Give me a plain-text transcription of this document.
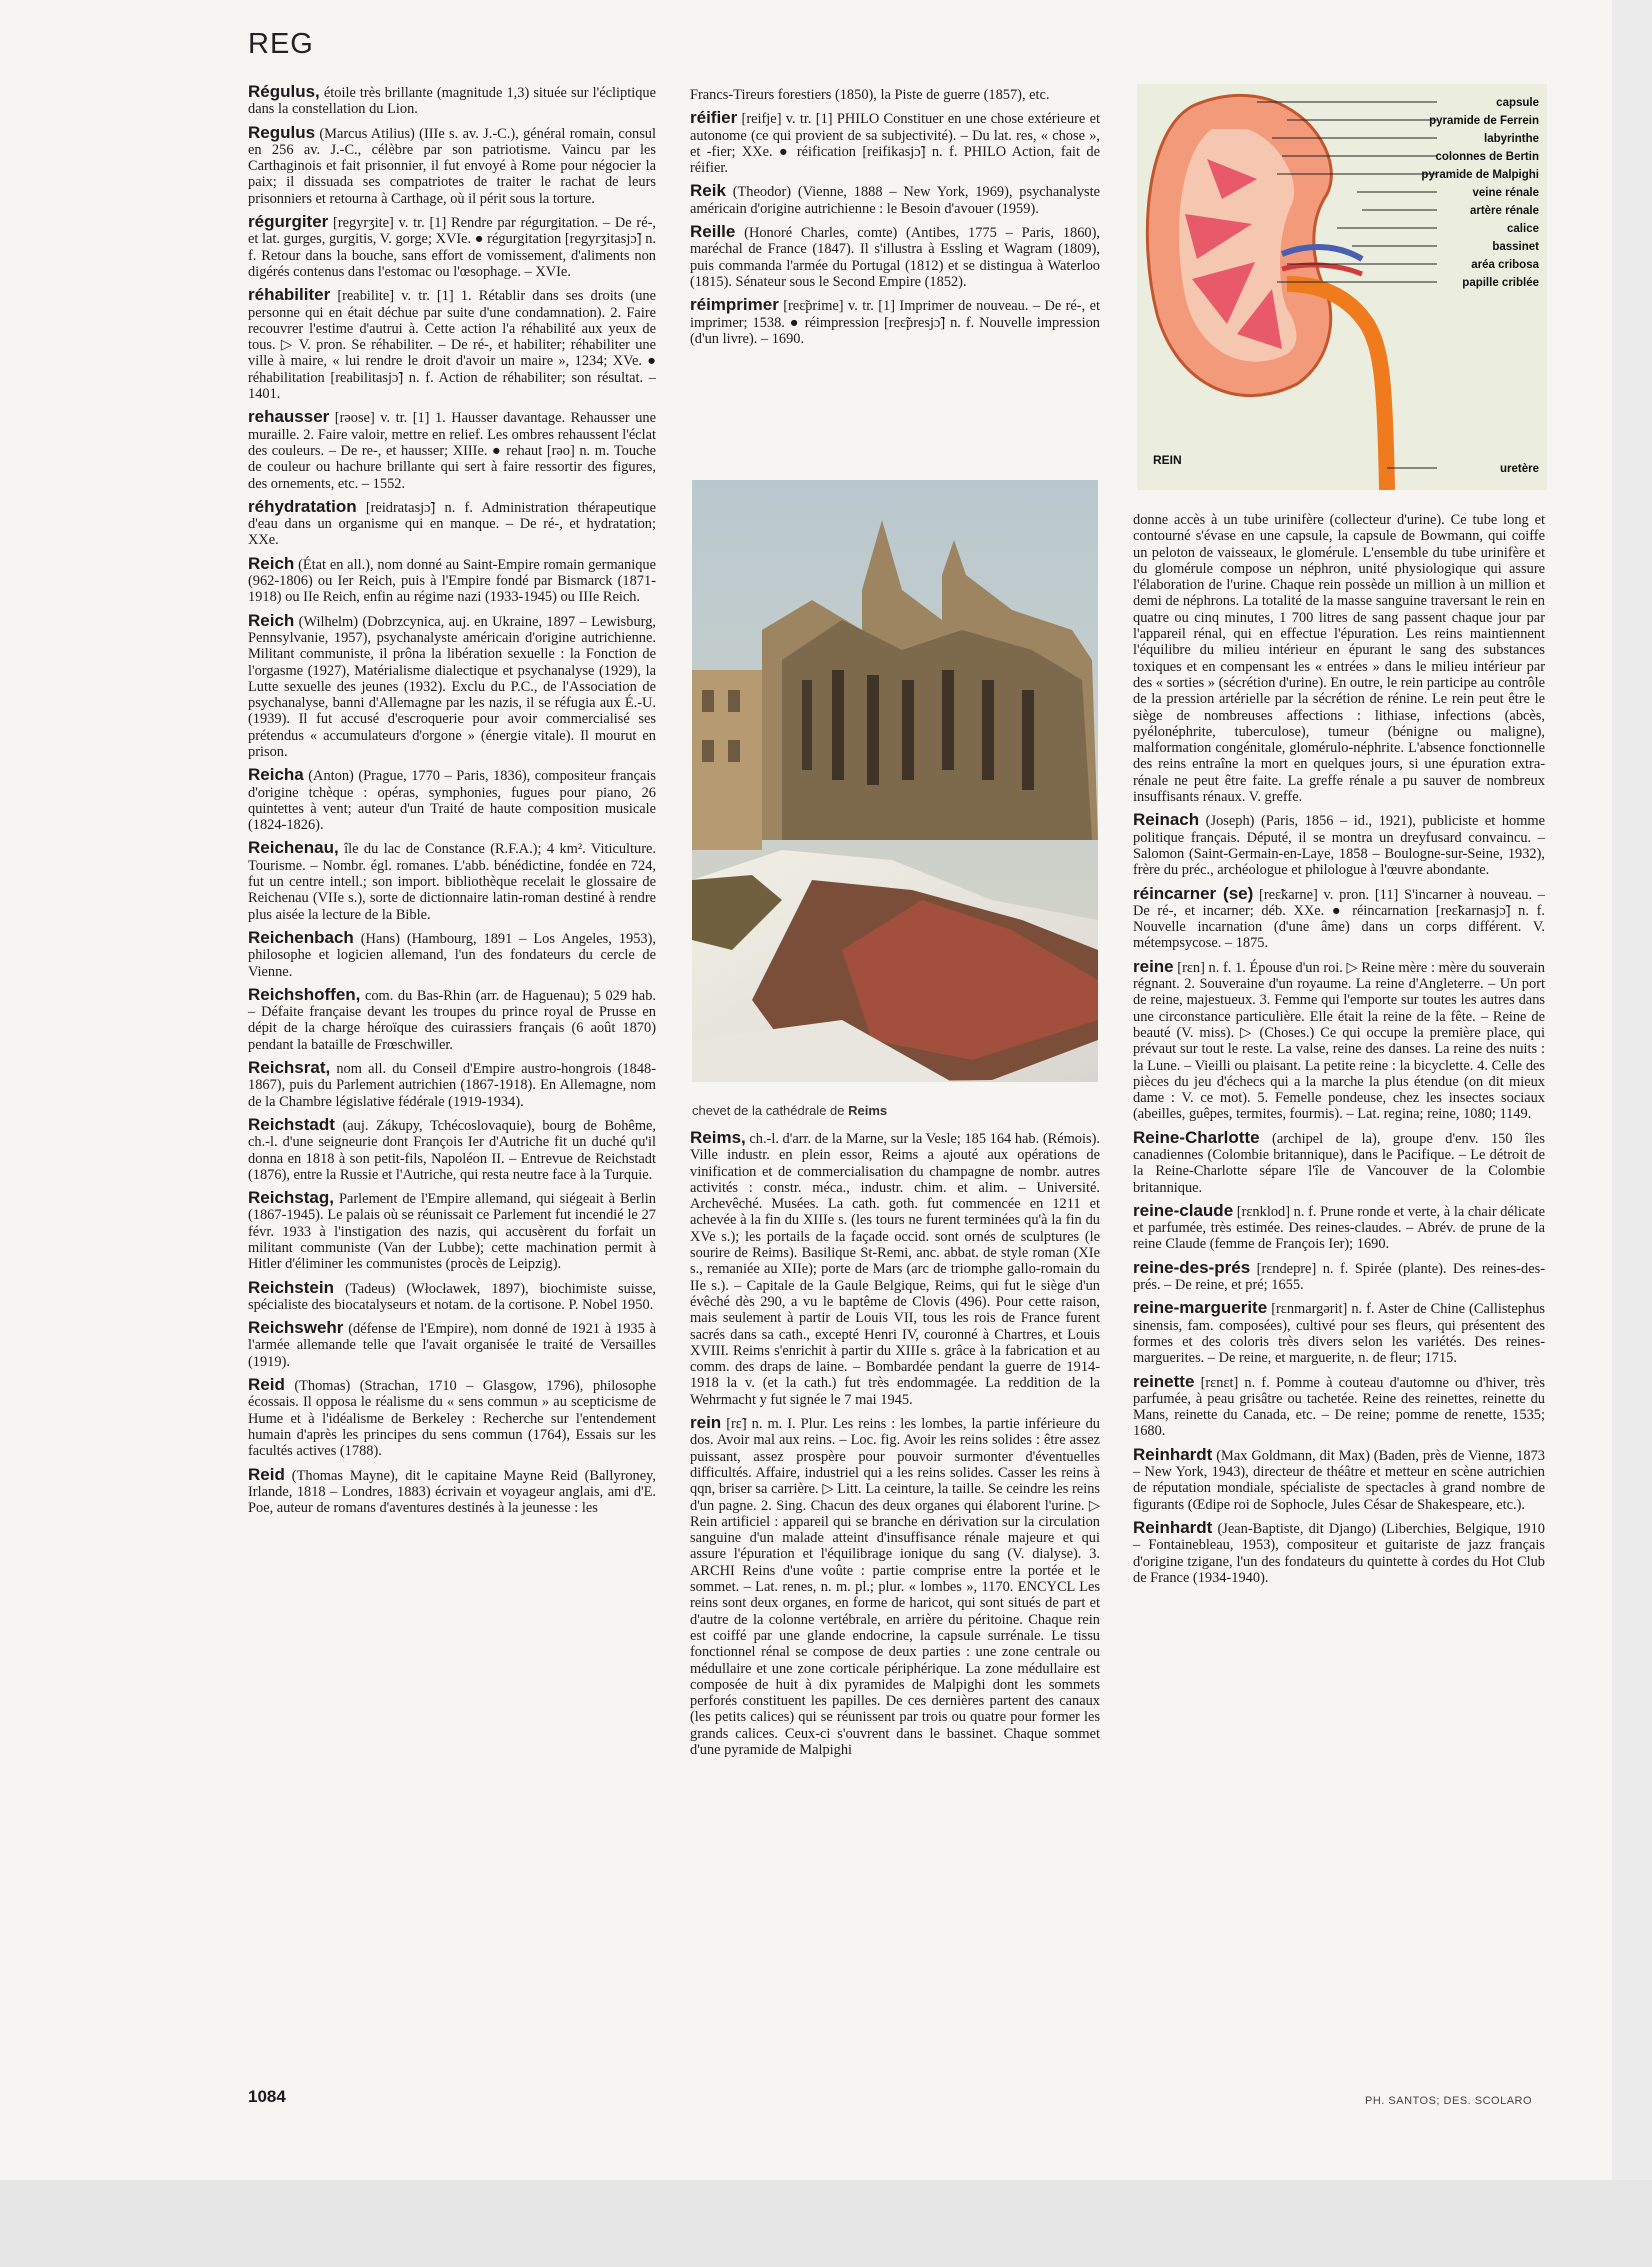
REG
Régulus, étoile très brillante (magnitude 1,3) située sur l'écliptique dans la constellation du Lion.
Regulus (Marcus Atilius) (IIIe s. av. J.-C.), général romain, consul en 256 av. J.-C., célèbre par son patriotisme. Vaincu par les Carthaginois et fait prisonnier, il fut envoyé à Rome pour négocier la paix; il dissuada ses compatriotes de traiter le rachat de leurs prisonniers et retourna à Carthage, où il périt sous la torture.
régurgiter [regyrʒite] v. tr. [1] Rendre par régurgitation. – De ré-, et lat. gurges, gurgitis, V. gorge; XVIe. ● régurgitation [regyrʒitasjɔ̃] n. f. Retour dans la bouche, sans effort de vomissement, d'aliments non digérés contenus dans l'estomac ou l'œsophage. – XVIe.
réhabiliter [reabilite] v. tr. [1] 1. Rétablir dans ses droits (une personne qui en était déchue par suite d'une condamnation). 2. Faire recouvrer l'estime d'autrui à. Cette action l'a réhabilité aux yeux de tous. ▷ V. pron. Se réhabiliter. – De ré-, et habiliter; réhabiliter une ville à maire, « lui rendre le droit d'avoir un maire », 1234; XVe. ● réhabilitation [reabilitasjɔ̃] n. f. Action de réhabiliter; son résultat. – 1401.
rehausser [rəose] v. tr. [1] 1. Hausser davantage. Rehausser une muraille. 2. Faire valoir, mettre en relief. Les ombres rehaussent l'éclat des couleurs. – De re-, et hausser; XIIIe. ● rehaut [rəo] n. m. Touche de couleur ou hachure brillante qui sert à faire ressortir des figures, des ornements, etc. – 1552.
réhydratation [reidratasjɔ̃] n. f. Administration thérapeutique d'eau dans un organisme qui en manque. – De ré-, et hydratation; XXe.
Reich (État en all.), nom donné au Saint-Empire romain germanique (962-1806) ou Ier Reich, puis à l'Empire fondé par Bismarck (1871-1918) ou IIe Reich, enfin au régime nazi (1933-1945) ou IIIe Reich.
Reich (Wilhelm) (Dobrzcynica, auj. en Ukraine, 1897 – Lewisburg, Pennsylvanie, 1957), psychanalyste américain d'origine autrichienne. Militant communiste, il prôna la libération sexuelle : la Fonction de l'orgasme (1927), Matérialisme dialectique et psychanalyse (1929), la Lutte sexuelle des jeunes (1932). Exclu du P.C., de l'Association de psychanalyse, banni d'Allemagne par les nazis, il se réfugia aux É.-U. (1939). Il fut accusé d'escroquerie pour avoir commercialisé ses prétendus « accumulateurs d'orgone » (énergie vitale). Il mourut en prison.
Reicha (Anton) (Prague, 1770 – Paris, 1836), compositeur français d'origine tchèque : opéras, symphonies, fugues pour piano, 26 quintettes à vent; auteur d'un Traité de haute composition musicale (1824-1826).
Reichenau, île du lac de Constance (R.F.A.); 4 km². Viticulture. Tourisme. – Nombr. égl. romanes. L'abb. bénédictine, fondée en 724, fut un centre intell.; son import. bibliothèque recelait le glossaire de Reichenau (VIIe s.), sorte de dictionnaire latin-roman destiné à rendre plus aisée la lecture de la Bible.
Reichenbach (Hans) (Hambourg, 1891 – Los Angeles, 1953), philosophe et logicien allemand, l'un des fondateurs du cercle de Vienne.
Reichshoffen, com. du Bas-Rhin (arr. de Haguenau); 5 029 hab. – Défaite française devant les troupes du prince royal de Prusse en dépit de la charge héroïque des cuirassiers français (6 août 1870) pendant la bataille de Frœschwiller.
Reichsrat, nom all. du Conseil d'Empire austro-hongrois (1848-1867), puis du Parlement autrichien (1867-1918). En Allemagne, nom de la Chambre législative fédérale (1919-1934).
Reichstadt (auj. Zákupy, Tchécoslovaquie), bourg de Bohême, ch.-l. d'une seigneurie dont François Ier d'Autriche fit un duché qu'il donna en 1818 à son petit-fils, Napoléon II. – Entrevue de Reichstadt (1876), entre la Russie et l'Autriche, qui resta neutre face à la Turquie.
Reichstag, Parlement de l'Empire allemand, qui siégeait à Berlin (1867-1945). Le palais où se réunissait ce Parlement fut incendié le 27 févr. 1933 à l'instigation des nazis, qui accusèrent du forfait un militant communiste (Van der Lubbe); cette machination permit à Hitler d'éliminer les communistes (procès de Leipzig).
Reichstein (Tadeus) (Włocławek, 1897), biochimiste suisse, spécialiste des biocatalyseurs et notam. de la cortisone. P. Nobel 1950.
Reichswehr (défense de l'Empire), nom donné de 1921 à 1935 à l'armée allemande telle que l'avait organisée le traité de Versailles (1919).
Reid (Thomas) (Strachan, 1710 – Glasgow, 1796), philosophe écossais. Il opposa le réalisme du « sens commun » au scepticisme de Hume et à l'idéalisme de Berkeley : Recherche sur l'entendement humain d'après les principes du sens commun (1764), Essais sur les facultés actives (1788).
Reid (Thomas Mayne), dit le capitaine Mayne Reid (Ballyroney, Irlande, 1818 – Londres, 1883) écrivain et voyageur anglais, ami d'E. Poe, auteur de romans d'aventures destinés à la jeunesse : les
Francs-Tireurs forestiers (1850), la Piste de guerre (1857), etc.
réifier [reifje] v. tr. [1] PHILO Constituer en une chose extérieure et autonome (ce qui provient de sa subjectivité). – Du lat. res, « chose », et -fier; XXe. ● réification [reifikasjɔ̃] n. f. PHILO Action, fait de réifier.
Reik (Theodor) (Vienne, 1888 – New York, 1969), psychanalyste américain d'origine autrichienne : le Besoin d'avouer (1959).
Reille (Honoré Charles, comte) (Antibes, 1775 – Paris, 1860), maréchal de France (1847). Il s'illustra à Essling et Wagram (1809), puis commanda l'armée du Portugal (1812) et se distingua à Waterloo (1815). Sénateur sous le Second Empire (1852).
réimprimer [reɛ̃prime] v. tr. [1] Imprimer de nouveau. – De ré-, et imprimer; 1538. ● réimpression [reɛ̃presjɔ̃] n. f. Nouvelle impression (d'un livre). – 1690.
chevet de la cathédrale de Reims
capsule
pyramide de Ferrein
labyrinthe
colonnes de Bertin
pyramide de Malpighi
veine rénale
artère rénale
calice
bassinet
aréa cribosa
papille criblée
uretère
REIN
donne accès à un tube urinifère (collecteur d'urine). Ce tube long et contourné s'évase en une capsule, la capsule de Bowmann, qui coiffe un peloton de vaisseaux, le glomérule. L'ensemble du tube urinifère et du glomérule compose un néphron, unité physiologique qui assure l'élaboration de l'urine. Chaque rein possède un million à un million et demi de néphrons. La totalité de la masse sanguine traversant le rein en quatre ou cinq minutes, 1 700 litres de sang passent chaque jour par l'appareil rénal, qui en effectue l'épuration. Les reins maintiennent l'équilibre du milieu intérieur en épurant le sang des substances toxiques et en compensant les « entrées » dans le milieu intérieur par des « sorties » (sécrétion d'urine). En outre, le rein participe au contrôle de la pression artérielle par la sécrétion de rénine. Le rein peut être le siège de nombreuses affections : lithiase, infections (abcès, pyélonéphrite, tuberculose), tumeur (bénigne ou maligne), malformation congénitale, glomérulo-néphrite. L'absence fonctionnelle des reins entraîne la mort en quelques jours, si une épuration extra-rénale ne peut être faite. La greffe rénale a pu sauver de nombreux insuffisants rénaux. V. greffe.
Reinach (Joseph) (Paris, 1856 – id., 1921), publiciste et homme politique français. Député, il se montra un dreyfusard convaincu. – Salomon (Saint-Germain-en-Laye, 1858 – Boulogne-sur-Seine, 1932), frère du préc., archéologue et philologue à l'œuvre abondante.
réincarner (se) [reɛ̃karne] v. pron. [11] S'incarner à nouveau. – De ré-, et incarner; déb. XXe. ● réincarnation [reɛ̃karnasjɔ̃] n. f. Nouvelle incarnation (d'une âme) dans un corps différent. V. métempsycose. – 1875.
reine [rɛn] n. f. 1. Épouse d'un roi. ▷ Reine mère : mère du souverain régnant. 2. Souveraine d'un royaume. La reine d'Angleterre. – Un port de reine, majestueux. 3. Femme qui l'emporte sur toutes les autres dans une circonstance particulière. Elle était la reine de la fête. – Reine de beauté (V. miss). ▷ (Choses.) Ce qui occupe la première place, qui prévaut sur tout le reste. La valse, reine des danses. La reine des nuits : la Lune. – Vieilli ou plaisant. La petite reine : la bicyclette. 4. Celle des pièces du jeu d'échecs qui a la marche la plus étendue (on dit mieux dame : V. ce mot). 5. Femelle pondeuse, chez les insectes sociaux (abeilles, guêpes, termites, fourmis). – Lat. regina; reine, 1080; 1149.
Reine-Charlotte (archipel de la), groupe d'env. 150 îles canadiennes (Colombie britannique), dans le Pacifique. – Le détroit de la Reine-Charlotte sépare l'île de Vancouver de la Colombie britannique.
reine-claude [rɛnklod] n. f. Prune ronde et verte, à la chair délicate et parfumée, très estimée. Des reines-claudes. – Abrév. de prune de la reine Claude (femme de François Ier); 1690.
reine-des-prés [rɛndepre] n. f. Spirée (plante). Des reines-des-prés. – De reine, et pré; 1655.
reine-marguerite [rɛnmargərit] n. f. Aster de Chine (Callistephus sinensis, fam. composées), cultivé pour ses fleurs, qui présentent des formes et des coloris très divers selon les variétés. Des reines-marguerites. – De reine, et marguerite, n. de fleur; 1715.
reinette [rɛnɛt] n. f. Pomme à couteau d'automne ou d'hiver, très parfumée, à peau grisâtre ou tachetée. Reine des reinettes, reinette du Mans, reinette du Canada, etc. – De reine; pomme de renette, 1535; 1680.
Reinhardt (Max Goldmann, dit Max) (Baden, près de Vienne, 1873 – New York, 1943), directeur de théâtre et metteur en scène autrichien de réputation mondiale, spécialiste de spectacles à grand nombre de figurants (Œdipe roi de Sophocle, Jules César de Shakespeare, etc.).
Reinhardt (Jean-Baptiste, dit Django) (Liberchies, Belgique, 1910 – Fontainebleau, 1953), compositeur et guitariste de jazz français d'origine tzigane, l'un des fondateurs du quintette à cordes du Hot Club de France (1934-1940).
Reims, ch.-l. d'arr. de la Marne, sur la Vesle; 185 164 hab. (Rémois). Ville industr. en plein essor, Reims a ajouté aux opérations de vinification et de commercialisation du champagne de nombr. autres activités : constr. méca., industr. chim. et alim. – Université. Archevêché. Musées. La cath. goth. fut commencée en 1211 et achevée à la fin du XIIIe s. (les tours ne furent terminées qu'à la fin du XVe s.); les portails de la façade occid. sont ornés de sculptures (le sourire de Reims). Basilique St-Remi, anc. abbat. de style roman (XIe s., remaniée au XIIe); porte de Mars (arc de triomphe gallo-romain du IIe s.). – Capitale de la Gaule Belgique, Reims, qui fut le siège d'un évêché dès 290, a vu le baptême de Clovis (496). Pour cette raison, mais seulement à partir de Louis VII, tous les rois de France furent sacrés dans sa cath., excepté Henri IV, couronné à Chartres, et Louis XVIII. Reims s'enrichit à partir du XIIIe s. grâce à la fabrication et au comm. des draps de laine. – Bombardée pendant la guerre de 1914-1918 la v. (et la cath.) fut très endommagée. La reddition de la Wehrmacht y fut signée le 7 mai 1945.
rein [rɛ̃] n. m. I. Plur. Les reins : les lombes, la partie inférieure du dos. Avoir mal aux reins. – Loc. fig. Avoir les reins solides : être assez puissant, assez prospère pour pouvoir surmonter d'éventuelles difficultés. Affaire, industriel qui a les reins solides. Casser les reins à qqn, briser sa carrière. ▷ Litt. La ceinture, la taille. Se ceindre les reins d'un pagne. 2. Sing. Chacun des deux organes qui élaborent l'urine. ▷ Rein artificiel : appareil qui se branche en dérivation sur la circulation sanguine d'un malade atteint d'insuffisance rénale majeure et qui assure l'épuration et l'équilibrage ionique du sang (V. dialyse). 3. ARCHI Reins d'une voûte : partie comprise entre la portée et le sommet. – Lat. renes, n. m. pl.; plur. « lombes », 1170. ENCYCL Les reins sont deux organes, en forme de haricot, qui sont situés de part et d'autre de la colonne vertébrale, en arrière du péritoine. Chaque rein est coiffé par une glande endocrine, la capsule surrénale. Le tissu fonctionnel rénal se compose de deux parties : une zone centrale ou médullaire et une zone corticale périphérique. La zone médullaire est composée de huit à dix pyramides de Malpighi dont les sommets perforés constituent les papilles. De ces dernières partent des canaux (les petits calices) qui se réunissent par trois ou quatre pour former les grands calices. Ceux-ci s'ouvrent dans le bassinet. Chaque sommet d'une pyramide de Malpighi
1084	PH. SANTOS; DES. SCOLARO
